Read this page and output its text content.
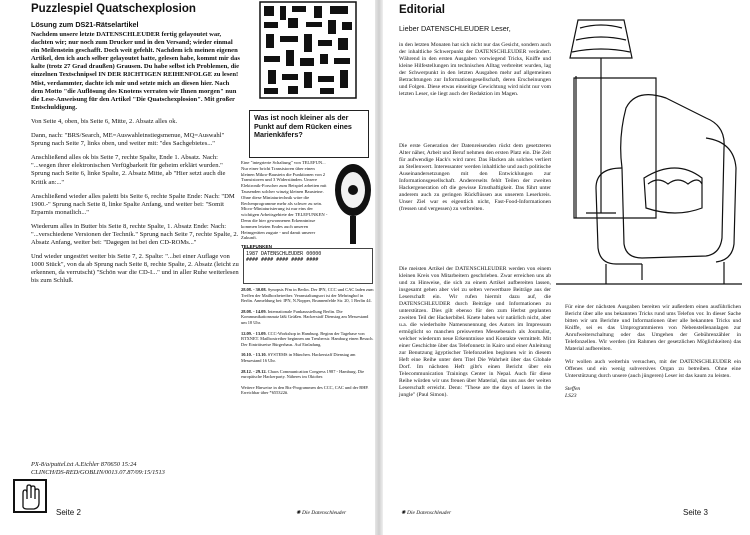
Puzzlespiel Quatschexplosion
Lösung zum DS21-Rätselartikel

Nachdem unsere letzte DATENSCHLEUDER fertig gelayoutet war, dachten wir; nur noch zum Drucker und in den Versand; wieder einmal ein Meilenstein geschafft. Doch weit gefehlt. Nachdem ich meinen eigenen Artikel, den ich auch selber gelayoutet hatte, gelesen habe, kommt mir das kalte (trotz 27 Grad draußen) Grausen. Du habe selbst ich Problemen, die einzelnen Textschnipsel IN DER RICHTIGEN REIHENFOLGE zu lesen! Mist, verdammter, dachte ich mir und setzte mich an diesen hier. Nach dem Motto "die Auflösung des Knotens verraten wir Ihnen morgen" nun die Lese-Anweisung für den Artikel "Die Quatschexplosion". Mit großer Entschuldigung.

Von Seite 4, oben, bis Seite 6, Mitte, 2. Absatz alles ok.

Dann, nach: "BRS/Search, ME=Auswahleinstiegsmenue, MQ=Auswahl" Sprung nach Seite 7, links oben, und weiter mit: "des Sachgebietes..."

Anschließend alles ok bis Seite 7, rechte Spalte, Ende 1. Absatz. Nach: "...wegen ihrer elektronischen Verfügbarkeit für geheim erklärt wurden." Sprung nach Seite 6, linke Spalte, 2. Absatz Mitte, ab "Hier setzt auch die Kritik an:..."

Anschließend wieder alles paletti bis Seite 6, rechte Spalte Ende: Nach: "DM 1900.-" Sprung nach Seite 8, linke Spalte Anfang, und weiter bei: "Somit Erparnis monatlich..."

Wiederum alles in Butter bis Seite 8, rechte Spalte, 1. Absatz Ende: Nach: "...verschiedene Versionen der Technik." Sprung nach Seite 7, rechte Spalte, 2. Absatz Anfang, weiter bei: "Dagegen ist bei den CD-ROMs..."

Und wieder ungestört weiter bis Seite 7, 2. Spalte: "...bei einer Auflage von 1000 Stück", von da ab Sprung nach Seite 8, rechte Spalte, 2. Absatz (leicht zu erkennen, da verrutscht) "Schön war die CD-I..." und in aller Ruhe weiterlesen bis zum Schluß.

PX-8/a/puttel.txt A.Eichler 870650 15:24
CLINCH/DS-RED/GOBLIN/0013.07.87/09:15/1513
Seite 2
Was ist noch kleiner als der Punkt auf dem Rücken eines Marienkäfers?

Eine "integrierte Schaltung" von TELEFUN... Nur einer bricht Transistoren über einen kleinen Mikro-Baustein die Funktionen von 2 Transistoren und 3 Widerständen. Unsere Elektronik-Forscher zum Beispiel arbeiten mit Tausenden solcher winzig kleinen Bausteine. Ohne diese Miniaturtechnik wäre die Rechenprogramme mehr als schwer zu sein. Micro-Miniaturisierung ist nur eins der wichtigen Arbeitsgebiete der TELEFUNKEN - Denn die hier gewonnenen Erkenntnisse kommen letzten Endes auch unseren Heimgeräten zugute - und damit unserer Zukunft.

TELEFUNKEN

1987 DATENSCHLEUDER 00000
#### #### #### #### ####
28.08. - 30.08. Synopsis Ffm in Berlin. Der IPN, CCC und CAC laden zum Treffen der Mailboxbetreiber. Veranstaltungsort ist der Mehringhof in Berlin. Anmeldung bei: IPN, N.Nopper, Brunnenfelde Str. 20, 1 Berlin 44.
28.08. - 14.09. Internationale Funkausstellung Berlin. Die Kommunikationsnutz läßt Grüßen. Hackerstaff Dienstag am Messestand um 18 Uhr.
12.09. - 13.09. CCC-Workshop in Hamburg. Beginn der Tagebase von BTXNET. Mailboxtreiber beginnen am Treuberstr. Hamburg einen Besuch. Der Eintrittsreise Bürgerhaus. Auf Einladung.
10.10. - 13.10. SYSTEMS in München. Hackerstaff Dienstag am Messestand 16 Uhr.
28.12. - 29.12. Chaos Communication Congress 1987 - Hamburg. Die europäische Hackerparty. Näheres im Oktober.
Weitere Hinweise in den Btx-Programmen des CCC, CAC und der BHP. Erreichbar über *655322#.
✺ Die Datenschleuder
Editorial
Lieber DATENSCHLEUDER Leser,

in den letzten Monaten hat sich nicht nur das Gesicht, sondern auch der inhaltliche Schwerpunkt der DATENSCHLEUDER verändert. Während in den ersten Ausgaben vorwiegend Tricks, Kniffe und kleine Hilfestellungen im technischen Alltag verbreitet wurden, lag der Schwerpunkt in den letzten Ausgaben mehr auf allgemeinen Betrachtungen zur Informationsgesellschaft, deren Erscheinungen und Folgen. Diese etwas einseitige Gewichtung wird nicht nur vom letzten Leser, sie liegt auch der Redaktion im Magen.

Die erste Generation der Datenreisenden rückt dem gesetzteren Alter näher, Arbeit und Beruf nehmen den ersten Platz ein. Die Zeit für aufwendige Hack's wird rarer. Das Hacken als solches verliert an Stellenwert. Interessanter werden inhaltliche und auch politische Auseinandersetzungen mit den Entwicklungen zur Informationsgesellschaft. Andererseits fehlt Teilen der zweiten Hackergeneration oft die gewisse Ernsthaftigkeit. Das führt unter anderem auch zu geringen Rückflüssen aus unserem Leserkreis. Unser Ziel war es eigentlich nicht, Fast-Food-Informationen (fressen und vergessen) zu verbreiten.

Die meisten Artikel der DATENSCHLEUDER werden von einem kleinen Kreis von Mitarbeitern geschrieben. Zwar erreichen uns ab und zu Hinweise, die sich zu einem Artikel aufbereiten lassen, insgesamt gehen aber viel zu selten verwertbare Beiträge aus der Leserschaft ein. Wir rufen hiermit dazu auf, die DATENSCHLEUDER durch Beiträge und Informationen zu unterstützen. Dies gilt ebenso für den zum Herbst geplanten zweiten Teil der Hackerbibel. Knete haben wir natürlich nicht, aber u.a. die wiederholte Namensnennung des Autors im Impressum ermöglicht so manchen preiswerten Messebesuch als Journalist, welcher wiederum neue Erkenntnisse und Kontakte vermittelt. Mit einer Geschichte über das Telefonnetz in Kairo und einer Anleitung zur Benutzung ägyptischer Telefonzellen beginnen wir in diesem Heft eine Reihe unter dem Titel Die Wahrheit über das Globale Dorf. Im nächsten Heft gibt's einen Bericht über ein Telecommunication Trainings Center in Nepal. Auch für diese Reihe würden wir uns freuen über Material, das uns aus der weiten Leserschaft erreicht. Denn: "These are the days of lasers in the jungle" (Paul Simon).

Für eine der nächsten Ausgaben bereiten wir außerdem einen ausführlichen Bericht über alle uns bekannten Tricks rund ums Telefon vor. In dieser Sache bitten wir um Berichte und Informationen über alle bekannten Tricks und Kniffe, sei es das Umprogrammieren von Nebenstellenanlagen zur Anrufweiterschaltung oder das Umgehen der Gebührenzähler in Telefonzellen. Wir werden (im Rahmen der gesetzlichen Möglichkeiten) das Material aufbereiten.

Wir wollen auch weiterhin versuchen, mit der DATENSCHLEUDER ein Offenes und ein wenig subversives Organ zu betreiben. Ohne eine Unterstützung durch unsere (auch jüngeren) Leser ist das kaum zu leisten.

Steffen
LS23
✺ Die Datenschleuder	Seite 3
